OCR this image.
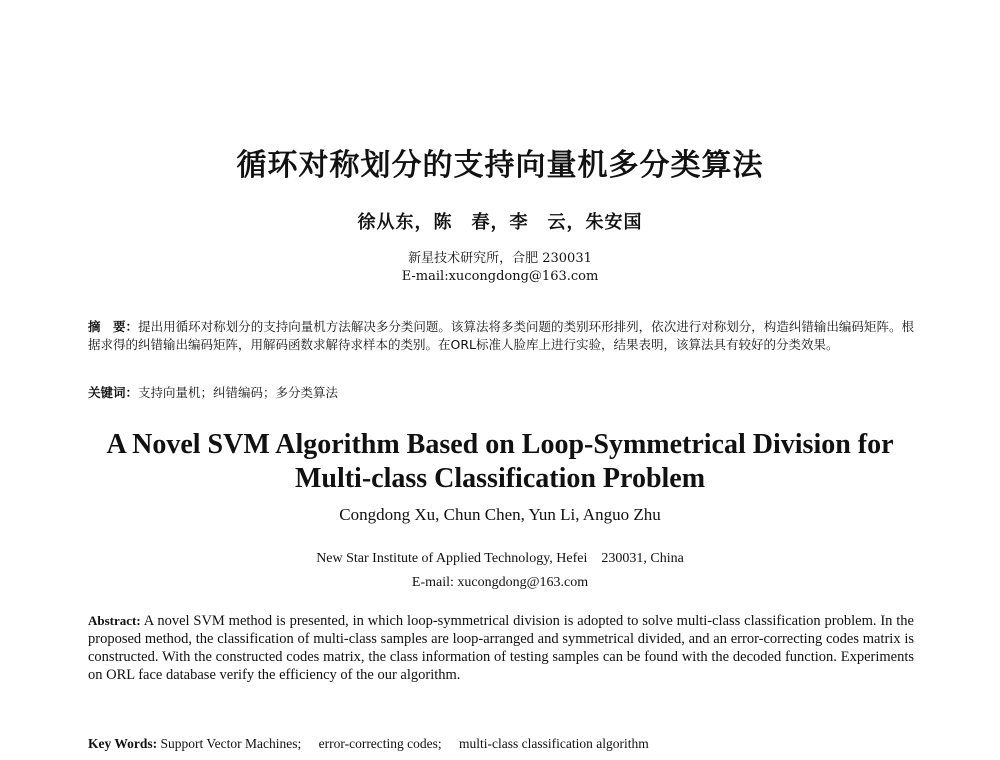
循环对称划分的支持向量机多分类算法
徐从东，陈　春，李　云，朱安国
新星技术研究所，合肥 230031
E-mail:xucongdong@163.com
摘　要：提出用循环对称划分的支持向量机方法解决多分类问题。该算法将多类问题的类别环形排列，依次进行对称划分，构造纠错输出编码矩阵。根据求得的纠错输出编码矩阵，用解码函数求解待求样本的类别。在ORL标准人脸库上进行实验，结果表明，该算法具有较好的分类效果。
关键词：支持向量机；纠错编码；多分类算法
A Novel SVM Algorithm Based on Loop-Symmetrical Division for
Multi-class Classification Problem
Congdong Xu, Chun Chen, Yun Li, Anguo Zhu
New Star Institute of Applied Technology, Hefei　230031, China
E-mail: xucongdong@163.com
Abstract: A novel SVM method is presented, in which loop-symmetrical division is adopted to solve multi-class classification problem. In the proposed method, the classification of multi-class samples are loop-arranged and symmetrical divided, and an error-correcting codes matrix is constructed. With the constructed codes matrix, the class information of testing samples can be found with the decoded function. Experiments on ORL face database verify the efficiency of the our algorithm.
Key Words: Support Vector Machines; error-correcting codes; multi-class classification algorithm
